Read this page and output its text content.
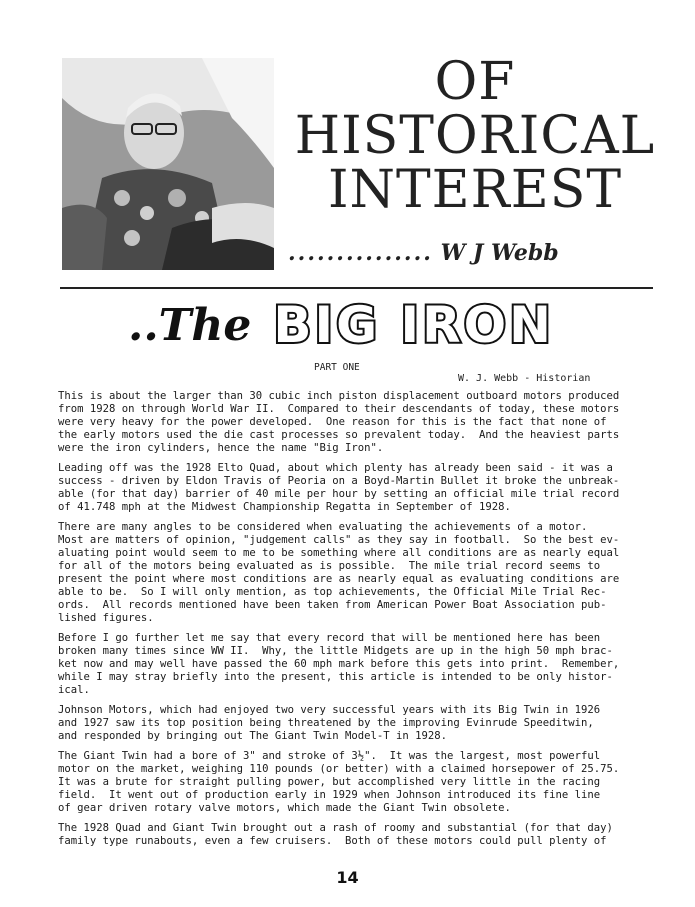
OF
HISTORICAL
INTEREST
............... W J Webb
..The BIG IRON
PART ONE
W. J. Webb - Historian

This is about the larger than 30 cubic inch piston displacement outboard motors produced
from 1928 on through World War II.  Compared to their descendants of today, these motors
were very heavy for the power developed.  One reason for this is the fact that none of
the early motors used the die cast processes so prevalent today.  And the heaviest parts
were the iron cylinders, hence the name "Big Iron".

Leading off was the 1928 Elto Quad, about which plenty has already been said - it was a
success - driven by Eldon Travis of Peoria on a Boyd-Martin Bullet it broke the unbreak-
able (for that day) barrier of 40 mile per hour by setting an official mile trial record
of 41.748 mph at the Midwest Championship Regatta in September of 1928.

There are many angles to be considered when evaluating the achievements of a motor.
Most are matters of opinion, "judgement calls" as they say in football.  So the best ev-
aluating point would seem to me to be something where all conditions are as nearly equal
for all of the motors being evaluated as is possible.  The mile trial record seems to
present the point where most conditions are as nearly equal as evaluating conditions are
able to be.  So I will only mention, as top achievements, the Official Mile Trial Rec-
ords.  All records mentioned have been taken from American Power Boat Association pub-
lished figures.

Before I go further let me say that every record that will be mentioned here has been
broken many times since WW II.  Why, the little Midgets are up in the high 50 mph brac-
ket now and may well have passed the 60 mph mark before this gets into print.  Remember,
while I may stray briefly into the present, this article is intended to be only histor-
ical.

Johnson Motors, which had enjoyed two very successful years with its Big Twin in 1926
and 1927 saw its top position being threatened by the improving Evinrude Speeditwin,
and responded by bringing out The Giant Twin Model-T in 1928.

The Giant Twin had a bore of 3" and stroke of 3½".  It was the largest, most powerful
motor on the market, weighing 110 pounds (or better) with a claimed horsepower of 25.75.
It was a brute for straight pulling power, but accomplished very little in the racing
field.  It went out of production early in 1929 when Johnson introduced its fine line
of gear driven rotary valve motors, which made the Giant Twin obsolete.

The 1928 Quad and Giant Twin brought out a rash of roomy and substantial (for that day)
family type runabouts, even a few cruisers.  Both of these motors could pull plenty of

14
